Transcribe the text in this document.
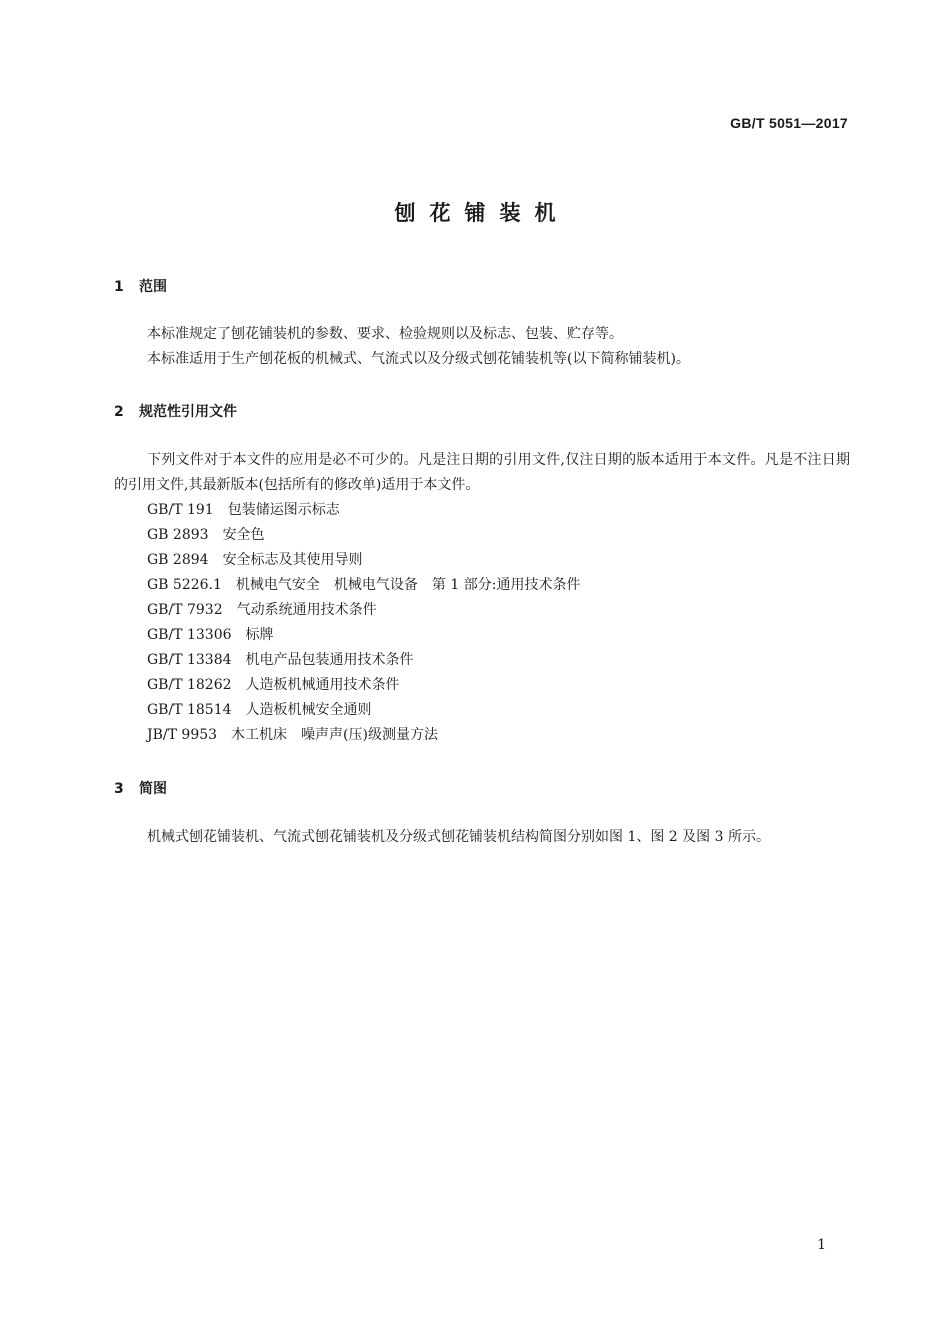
GB/T 5051—2017
刨花铺装机
1 范围
本标准规定了刨花铺装机的参数、要求、检验规则以及标志、包装、贮存等。
本标准适用于生产刨花板的机械式、气流式以及分级式刨花铺装机等(以下简称铺装机)。
2 规范性引用文件
下列文件对于本文件的应用是必不可少的。凡是注日期的引用文件,仅注日期的版本适用于本文件。凡是不注日期的引用文件,其最新版本(包括所有的修改单)适用于本文件。
GB/T 191 包装储运图示标志
GB 2893 安全色
GB 2894 安全标志及其使用导则
GB 5226.1 机械电气安全　机械电气设备　第 1 部分:通用技术条件
GB/T 7932 气动系统通用技术条件
GB/T 13306 标牌
GB/T 13384 机电产品包装通用技术条件
GB/T 18262 人造板机械通用技术条件
GB/T 18514 人造板机械安全通则
JB/T 9953 木工机床　噪声声(压)级测量方法
3 简图
机械式刨花铺装机、气流式刨花铺装机及分级式刨花铺装机结构简图分别如图 1、图 2 及图 3 所示。
1
